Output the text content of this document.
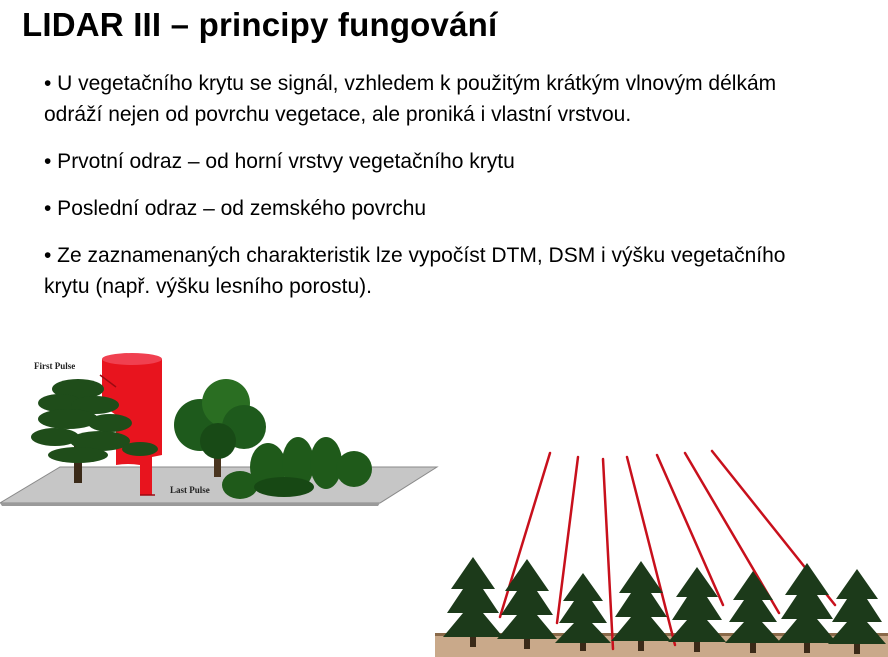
LIDAR III – principy fungování
• U vegetačního krytu se signál, vzhledem k použitým krátkým vlnovým délkám odráží nejen od povrchu vegetace, ale proniká i vlastní vrstvou.
• Prvotní odraz – od horní vrstvy vegetačního krytu
• Poslední odraz – od zemského povrchu
• Ze zaznamenaných charakteristik lze vypočíst DTM, DSM i výšku vegetačního krytu (např. výšku lesního porostu).
First Pulse
Last Pulse
